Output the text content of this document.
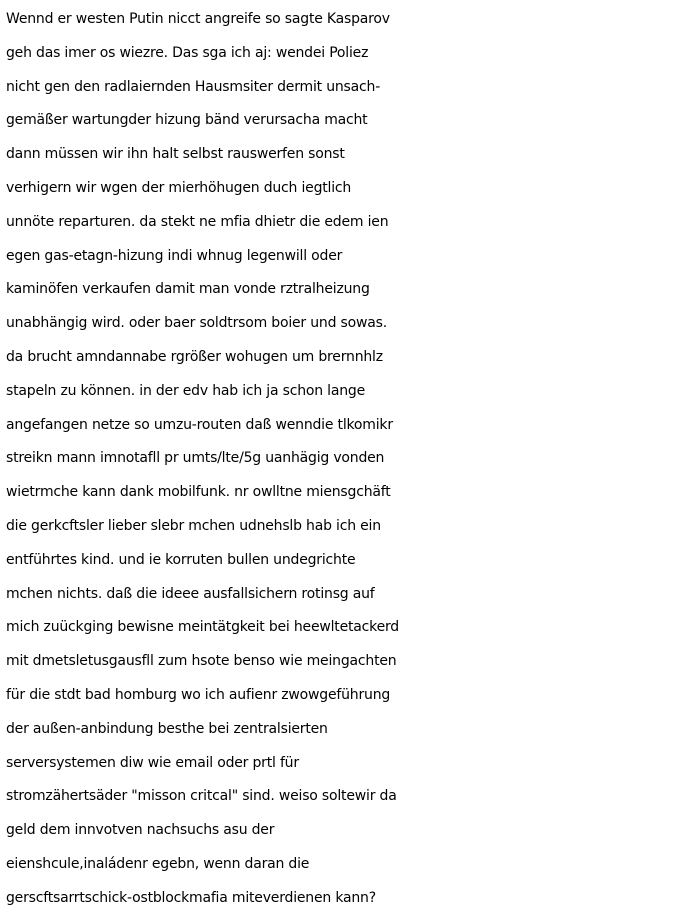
Wennd er westen Putin nicct angreife so sagte Kasparov
geh das imer os wiezre. Das sga ich aj: wendei Poliez
nicht gen den radlaiernden Hausmsiter dermit unsach-
gemäßer wartungder hizung bänd verursacha macht
dann müssen wir ihn halt selbst rauswerfen sonst
verhigern wir wgen der mierhöhugen duch iegtlich
unnöte reparturen. da stekt ne mfia dhietr die edem ien
egen gas-etagn-hizung indi whnug legenwill oder
kaminöfen verkaufen damit man vonde rztralheizung
unabhängig wird. oder baer soldtrsom boier und sowas.
da brucht amndannabe rgrößer wohugen um brernnhlz
stapeln zu können. in der edv hab ich ja schon lange
angefangen netze so umzu-routen daß wenndie tlkomikr
streikn mann imnotafll pr umts/lte/5g uanhägig vonden
wietrmche kann dank mobilfunk. nr owlltne miensgchäft
die gerkcftsler lieber slebr mchen udnehslb hab ich ein
entführtes kind. und ie korruten bullen undegrichte
mchen nichts. daß die ideee ausfallsichern rotinsg auf
mich zuückging bewisne meintätgkeit bei heewltetackerd
mit dmetsletusgausfll zum hsote benso wie meingachten
für die stdt bad homburg wo ich aufienr zwowgeführung
der außen-anbindung besthe bei zentralsierten
serversystemen diw wie email oder prtl für
stromzähertsäder "misson critcal" sind. weiso soltewir da
geld dem innvotven nachsuchs asu der
eienshcule,inaládenr egebn, wenn daran die
gerscftsarrtschick-ostblockmafia miteverdienen kann?
